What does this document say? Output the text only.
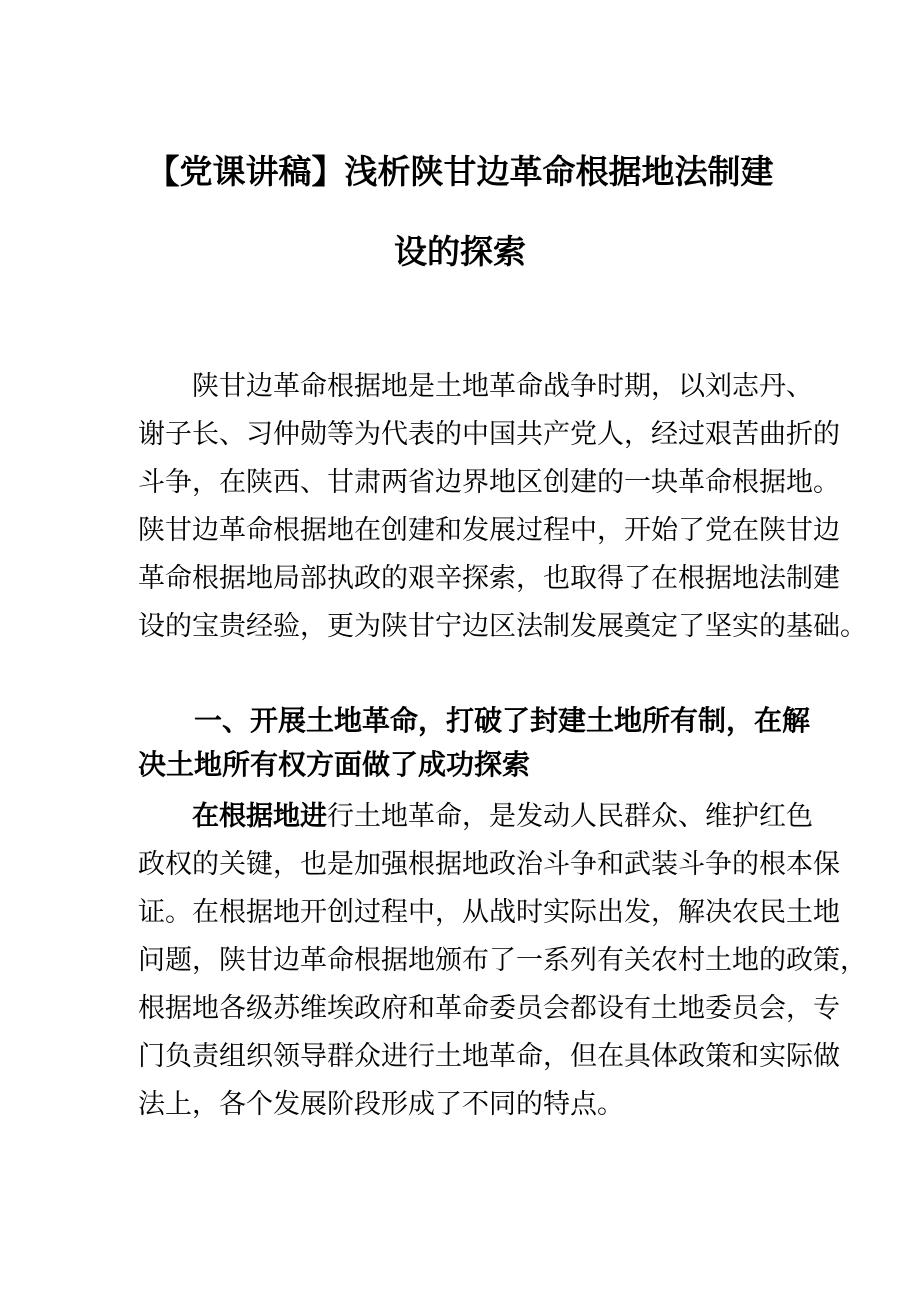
【党课讲稿】浅析陕甘边革命根据地法制建
设的探索
陕甘边革命根据地是土地革命战争时期，以刘志丹、
谢子长、习仲勋等为代表的中国共产党人，经过艰苦曲折的
斗争，在陕西、甘肃两省边界地区创建的一块革命根据地。
陕甘边革命根据地在创建和发展过程中，开始了党在陕甘边
革命根据地局部执政的艰辛探索，也取得了在根据地法制建
设的宝贵经验，更为陕甘宁边区法制发展奠定了坚实的基础。
一、开展土地革命，打破了封建土地所有制，在解
决土地所有权方面做了成功探索
在根据地进行土地革命，是发动人民群众、维护红色
政权的关键，也是加强根据地政治斗争和武装斗争的根本保
证。在根据地开创过程中，从战时实际出发，解决农民土地
问题，陕甘边革命根据地颁布了一系列有关农村土地的政策，
根据地各级苏维埃政府和革命委员会都设有土地委员会，专
门负责组织领导群众进行土地革命，但在具体政策和实际做
法上，各个发展阶段形成了不同的特点。
